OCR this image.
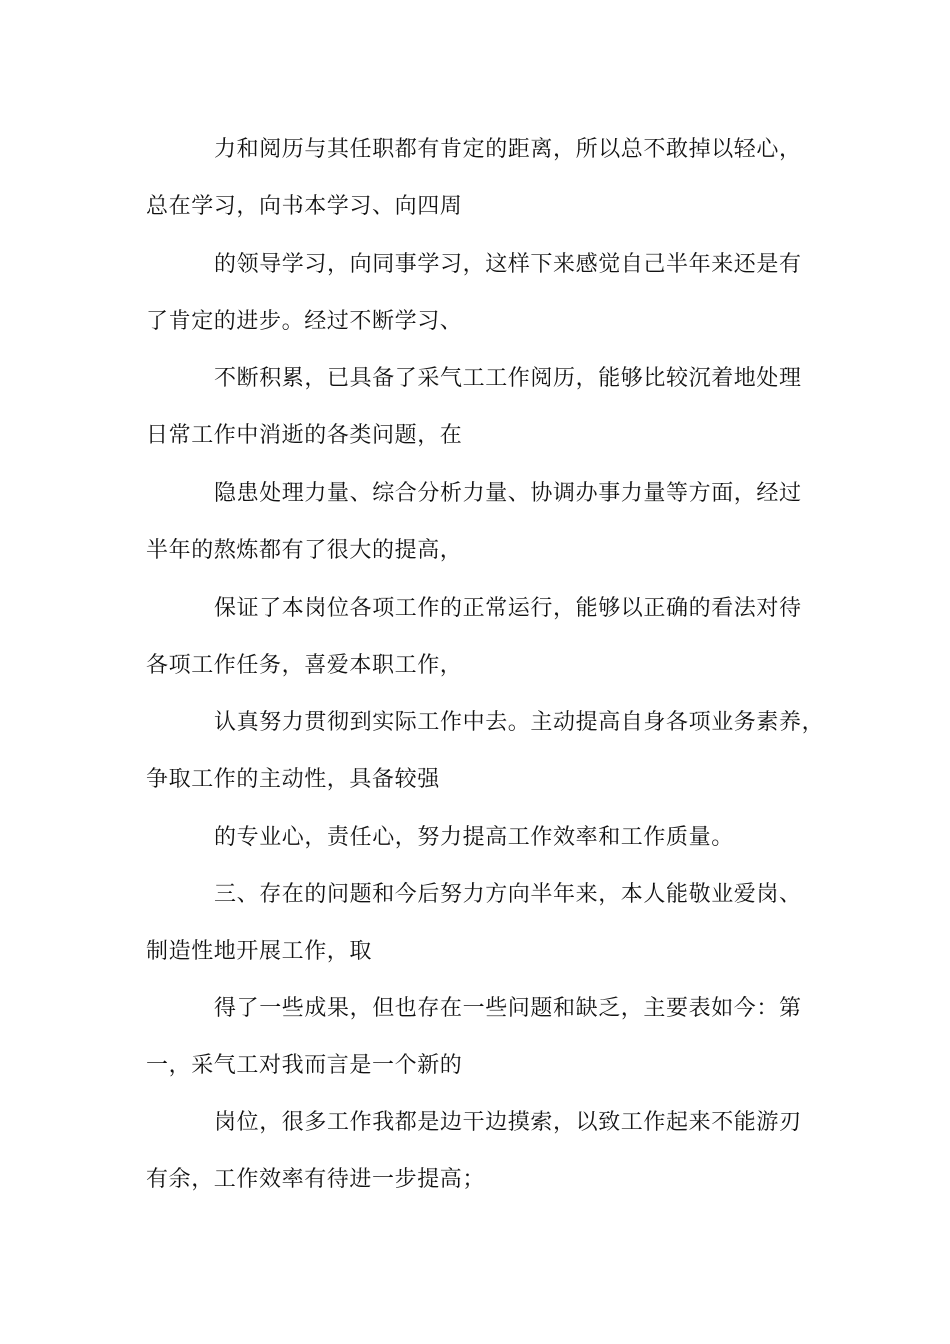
力和阅历与其任职都有肯定的距离，所以总不敢掉以轻心，
总在学习，向书本学习、向四周
的领导学习，向同事学习，这样下来感觉自己半年来还是有
了肯定的进步。经过不断学习、
不断积累，已具备了采气工工作阅历，能够比较沉着地处理
日常工作中消逝的各类问题，在
隐患处理力量、综合分析力量、协调办事力量等方面，经过
半年的熬炼都有了很大的提高，
保证了本岗位各项工作的正常运行，能够以正确的看法对待
各项工作任务，喜爱本职工作，
认真努力贯彻到实际工作中去。主动提高自身各项业务素养，
争取工作的主动性，具备较强
的专业心，责任心，努力提高工作效率和工作质量。
三、存在的问题和今后努力方向半年来，本人能敬业爱岗、
制造性地开展工作，取
得了一些成果，但也存在一些问题和缺乏，主要表如今：第
一，采气工对我而言是一个新的
岗位，很多工作我都是边干边摸索，以致工作起来不能游刃
有余，工作效率有待进一步提高；
